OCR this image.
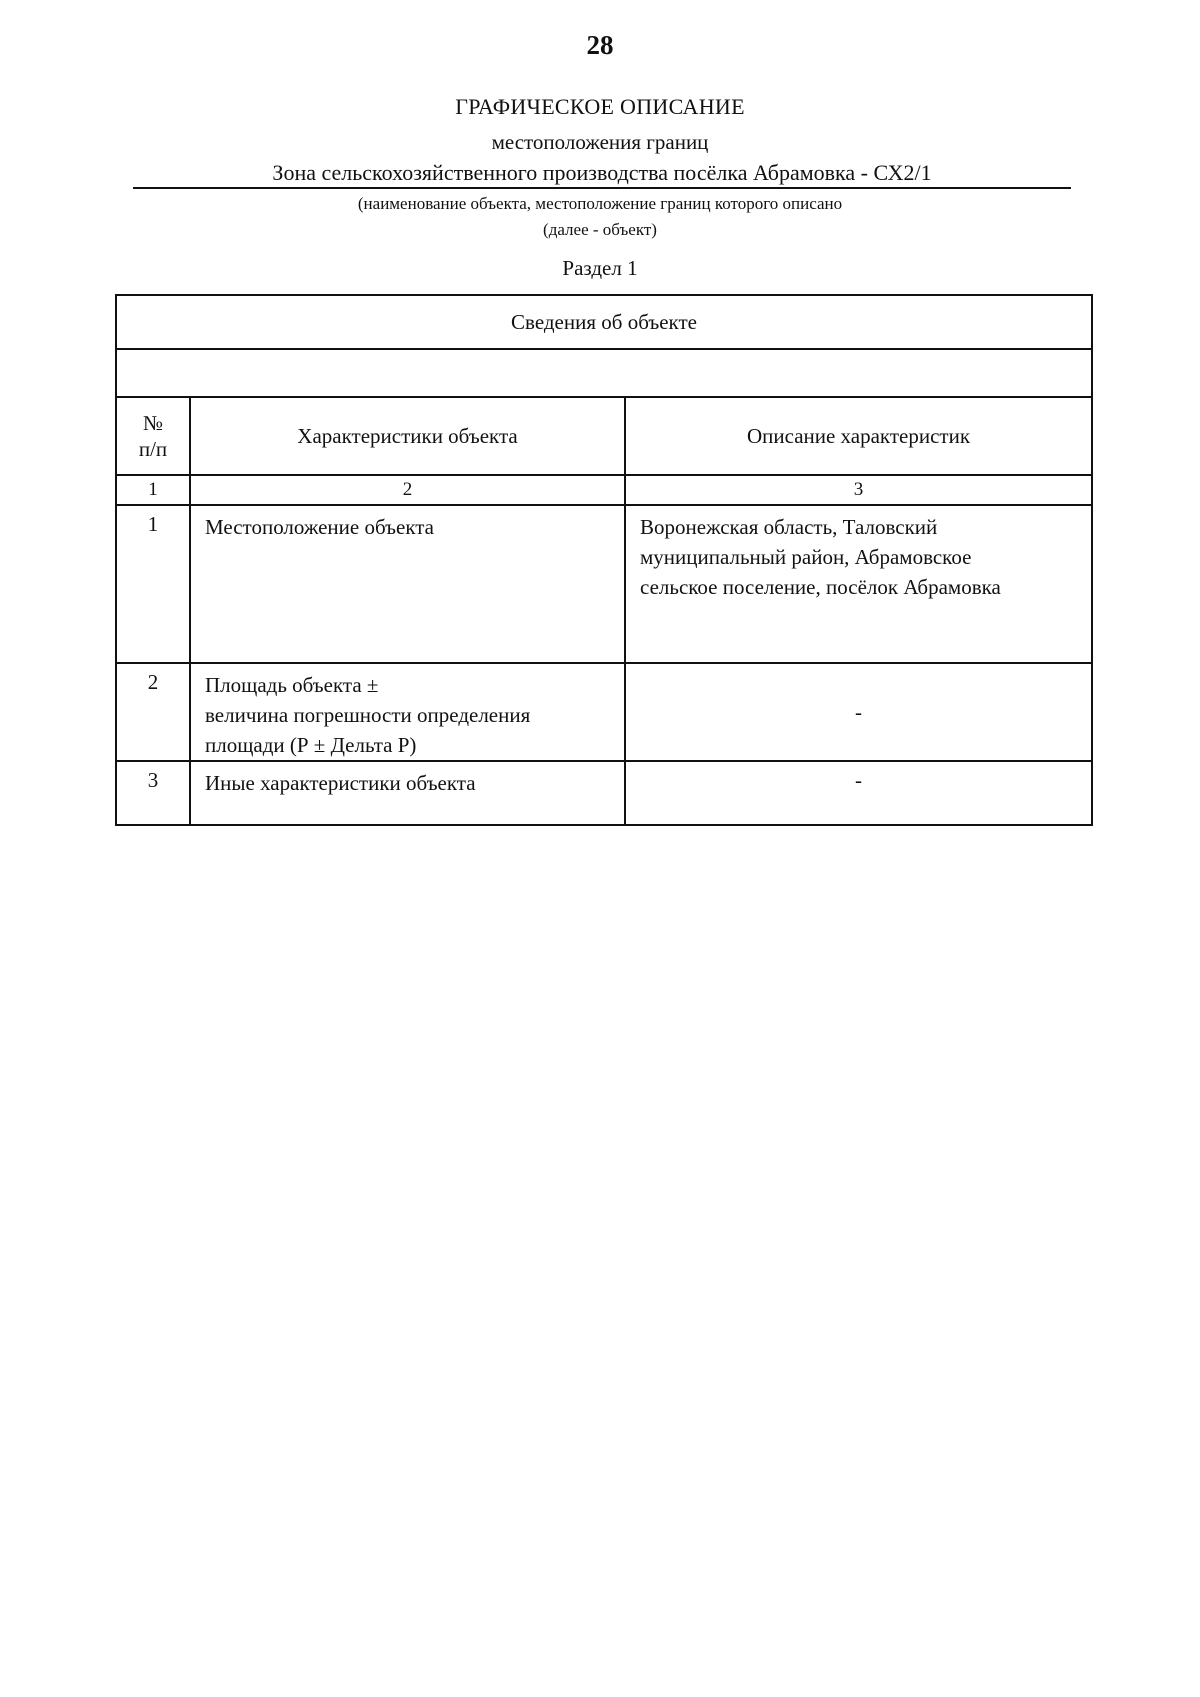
28
ГРАФИЧЕСКОЕ ОПИСАНИЕ
местоположения границ
Зона сельскохозяйственного производства посёлка Абрамовка - СХ2/1
(наименование объекта, местоположение границ которого описано
(далее - объект)
Раздел 1
Сведения об объекте		

№
п/п	Характеристики объекта	Описание характеристик
1	2	3
1	Местоположение объекта	Воронежская область, Таловский
муниципальный район, Абрамовское
сельское поселение, посёлок Абрамовка

2	Площадь объекта ±
величина погрешности определения
площади (Р ± Дельта Р)	-
3	Иные характеристики объекта	-
